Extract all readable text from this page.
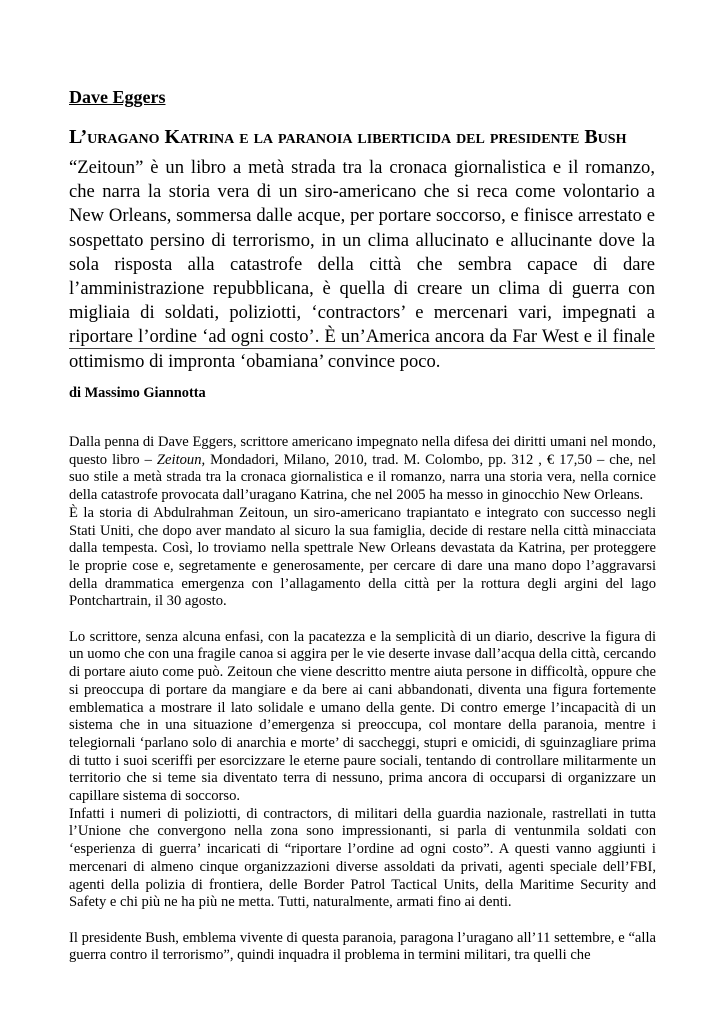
Dave Eggers
L’uragano Katrina e la paranoia liberticida del presidente Bush

“Zeitoun” è un libro a metà strada tra la cronaca giornalistica e il romanzo, che narra la storia vera di un siro-americano che si reca come volontario a New Orleans, sommersa dalle acque, per portare soccorso, e finisce arrestato e sospettato persino di terrorismo, in un clima allucinato e allucinante dove la sola risposta alla catastrofe della città che sembra capace di dare l’amministrazione repubblicana, è quella di creare un clima di guerra con migliaia di soldati, poliziotti, ‘contractors’ e mercenari vari, impegnati a riportare l’ordine ‘ad ogni costo’. È un’America ancora da Far West e il finale ottimismo di impronta ‘obamiana’ convince poco.

di Massimo Giannotta

Dalla penna di Dave Eggers, scrittore americano impegnato nella difesa dei diritti umani nel mondo, questo libro – Zeitoun, Mondadori, Milano, 2010, trad. M. Colombo, pp. 312 , € 17,50 – che, nel suo stile a metà strada tra la cronaca giornalistica e il romanzo, narra una storia vera, nella cornice della catastrofe provocata dall’uragano Katrina, che nel 2005 ha messo in ginocchio New Orleans.

È la storia di Abdulrahman Zeitoun, un siro-americano trapiantato e integrato con successo negli Stati Uniti, che dopo aver mandato al sicuro la sua famiglia, decide di restare nella città minacciata dalla tempesta. Così, lo troviamo nella spettrale New Orleans devastata da Katrina, per proteggere le proprie cose e, segretamente e generosamente, per cercare di dare una mano dopo l’aggravarsi della drammatica emergenza con l’allagamento della città per la rottura degli argini del lago Pontchartrain, il 30 agosto.

Lo scrittore, senza alcuna enfasi, con la pacatezza e la semplicità di un diario, descrive la figura di un uomo che con una fragile canoa si aggira per le vie deserte invase dall’acqua della città, cercando di portare aiuto come può. Zeitoun che viene descritto mentre aiuta persone in difficoltà, oppure che si preoccupa di portare da mangiare e da bere ai cani abbandonati, diventa una figura fortemente emblematica a mostrare il lato solidale e umano della gente. Di contro emerge l’incapacità di un sistema che in una situazione d’emergenza si preoccupa, col montare della paranoia, mentre i telegiornali ‘parlano solo di anarchia e morte’ di saccheggi, stupri e omicidi, di sguinzagliare prima di tutto i suoi sceriffi per esorcizzare le eterne paure sociali, tentando di controllare militarmente un territorio che si teme sia diventato terra di nessuno, prima ancora di occuparsi di organizzare un capillare sistema di soccorso.

Infatti i numeri di poliziotti, di contractors, di militari della guardia nazionale, rastrellati in tutta l’Unione che convergono nella zona sono impressionanti, si parla di ventunmila soldati con ‘esperienza di guerra’ incaricati di “riportare l’ordine ad ogni costo”. A questi vanno aggiunti i mercenari di almeno cinque organizzazioni diverse assoldati da privati, agenti speciale dell’FBI, agenti della polizia di frontiera, delle Border Patrol Tactical Units, della Maritime Security and Safety e chi più ne ha più ne metta. Tutti, naturalmente, armati fino ai denti.

Il presidente Bush, emblema vivente di questa paranoia, paragona l’uragano all’11 settembre, e “alla guerra contro il terrorismo”, quindi inquadra il problema in termini militari, tra quelli che
